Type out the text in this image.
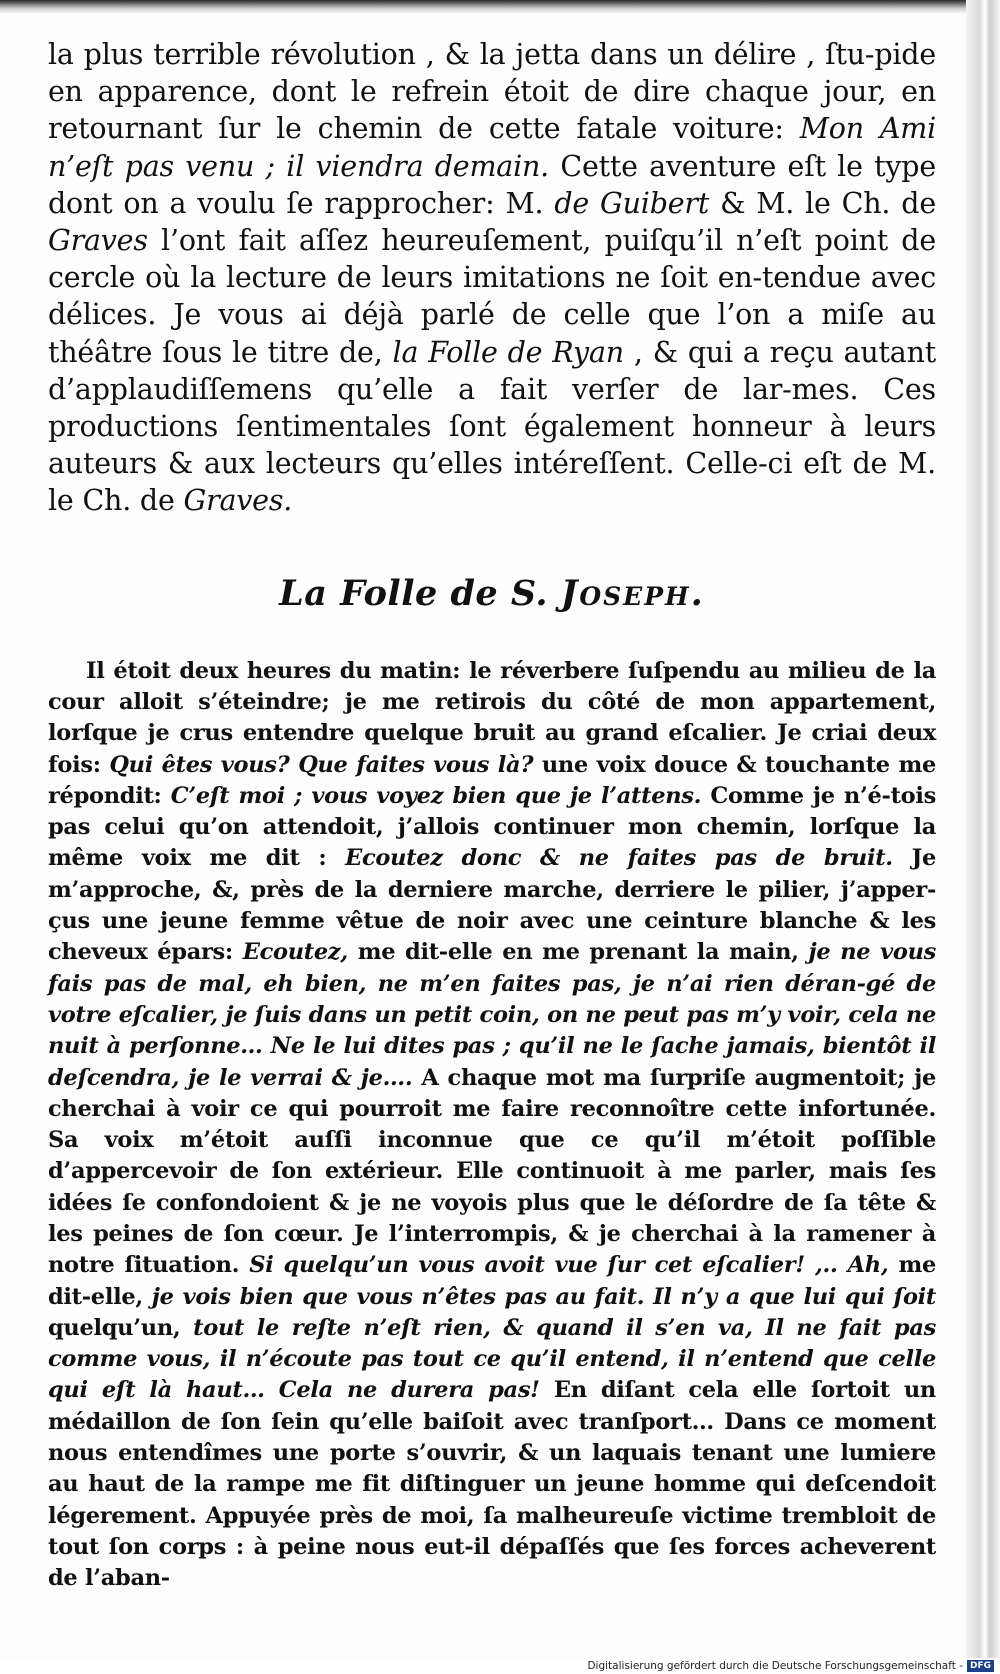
la plus terrible révolution , & la jetta dans un délire , ſtu-pide en apparence, dont le refrein étoit de dire chaque jour, en retournant ſur le chemin de cette fatale voiture: Mon Ami n’eſt pas venu ; il viendra demain. Cette aventure eſt le type dont on a voulu ſe rapprocher: M. de Guibert & M. le Ch. de Graves l’ont fait aſſez heureuſement, puiſqu’il n’eſt point de cercle où la lecture de leurs imitations ne ſoit en-tendue avec délices. Je vous ai déjà parlé de celle que l’on a miſe au théâtre ſous le titre de, la Folle de Ryan , & qui a reçu autant d’applaudiſſemens qu’elle a fait verſer de lar-mes. Ces productions ſentimentales ſont également honneur à leurs auteurs & aux lecteurs qu’elles intéreſſent. Celle-ci eſt de M. le Ch. de Graves.

La Folle de S. Joseph.

Il étoit deux heures du matin: le réverbere ſuſpendu au milieu de la cour alloit s’éteindre; je me retirois du côté de mon appartement, lorſque je crus entendre quelque bruit au grand eſcalier. Je criai deux fois: Qui êtes vous? Que faites vous là? une voix douce & touchante me répondit: C’eſt moi ; vous voyez bien que je l’attens. Comme je n’é-tois pas celui qu’on attendoit, j’allois continuer mon chemin, lorſque la même voix me dit : Ecoutez donc & ne faites pas de bruit. Je m’approche, &, près de la derniere marche, derriere le pilier, j’apper-çus une jeune femme vêtue de noir avec une ceinture blanche & les cheveux épars: Ecoutez, me dit-elle en me prenant la main, je ne vous fais pas de mal, eh bien, ne m’en faites pas, je n’ai rien déran-gé de votre eſcalier, je ſuis dans un petit coin, on ne peut pas m’y voir, cela ne nuit à perſonne… Ne le lui dites pas ; qu’il ne le ſache jamais, bientôt il deſcendra, je le verrai & je…. A chaque mot ma ſurpriſe augmentoit; je cherchai à voir ce qui pourroit me faire reconnoître cette infortunée. Sa voix m’étoit auſſi inconnue que ce qu’il m’étoit poſſible d’appercevoir de ſon extérieur. Elle continuoit à me parler, mais ſes idées ſe confondoient & je ne voyois plus que le déſordre de ſa tête & les peines de ſon cœur. Je l’interrompis, & je cherchai à la ramener à notre ſituation. Si quelqu’un vous avoit vue ſur cet eſcalier! ,.. Ah, me dit-elle, je vois bien que vous n’êtes pas au fait. Il n’y a que lui qui ſoit quelqu’un, tout le reſte n’eſt rien, & quand il s’en va, Il ne fait pas comme vous, il n’écoute pas tout ce qu’il entend, il n’entend que celle qui eſt là haut… Cela ne durera pas! En diſant cela elle ſortoit un médaillon de ſon ſein qu’elle baiſoit avec tranſport… Dans ce moment nous entendîmes une porte s’ouvrir, & un laquais tenant une lumiere au haut de la rampe me fit diſtinguer un jeune homme qui deſcendoit légerement. Appuyée près de moi, ſa malheureuſe victime trembloit de tout ſon corps : à peine nous eut-il dépaſſés que ſes forces acheverent de l’aban-

Digitalisierung gefördert durch die Deutsche Forschungsgemeinschaft - DFG
